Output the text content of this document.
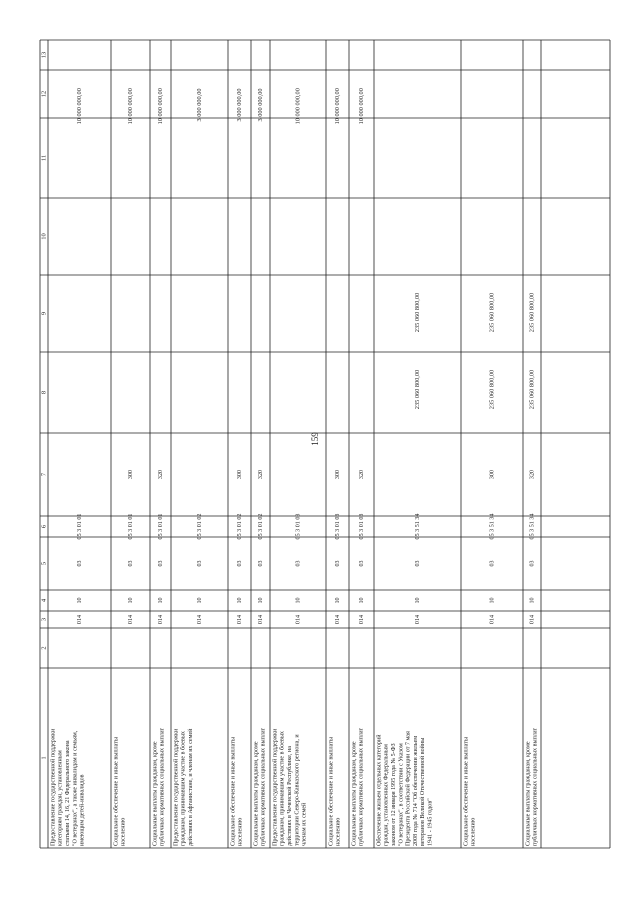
159
1
2
3
4
5
6
7
8
9
10
11
12
13
Предоставление государственной поддержки категориям граждан, установленным статьями 14, 16, 21 Федерального закона "О ветеранах", а также инвалидам и семьям, имеющим детей-инвалидов
014
10
03
05 3 01 01
10 000 000,00
Социальное обеспечение и иные выплаты населению
014
10
03
05 3 01 01
300
10 000 000,00
Социальные выплаты гражданам, кроме публичных нормативных социальных выплат
014
10
03
05 3 01 01
320
10 000 000,00
Предоставление государственной поддержки гражданам, принимавшим участие в боевых действиях в Афганистане, и членам их семей
014
10
03
05 3 01 02
3 000 000,00
Социальное обеспечение и иные выплаты населению
014
10
03
05 3 01 02
300
3 000 000,00
Социальные выплаты гражданам, кроме публичных нормативных социальных выплат
014
10
03
05 3 01 02
320
3 000 000,00
Предоставление государственной поддержки гражданам, принимавшим участие в боевых действиях в Чеченской Республике, на территории Северо-Кавказского региона, и членам их семей
014
10
03
05 3 01 03
10 000 000,00
Социальное обеспечение и иные выплаты населению
014
10
03
05 3 01 03
300
10 000 000,00
Социальные выплаты гражданам, кроме публичных нормативных социальных выплат
014
10
03
05 3 01 03
320
10 000 000,00
Обеспечение жильем отдельных категорий граждан, установленных Федеральным законом от 12 января 1995 года № 5-ФЗ "О ветеранах", в соответствии с Указом Президента Российской Федерации от 7 мая 2008 года № 714 "Об обеспечении жильем ветеранов Великой Отечественной войны 1941 - 1945 годов"
014
10
03
05 3 51 34
235 060 800,00
235 060 800,00
Социальное обеспечение и иные выплаты населению
014
10
03
05 3 51 34
300
235 060 800,00
235 060 800,00
Социальные выплаты гражданам, кроме публичных нормативных социальных выплат
014
10
03
05 3 51 34
320
235 060 800,00
235 060 800,00
